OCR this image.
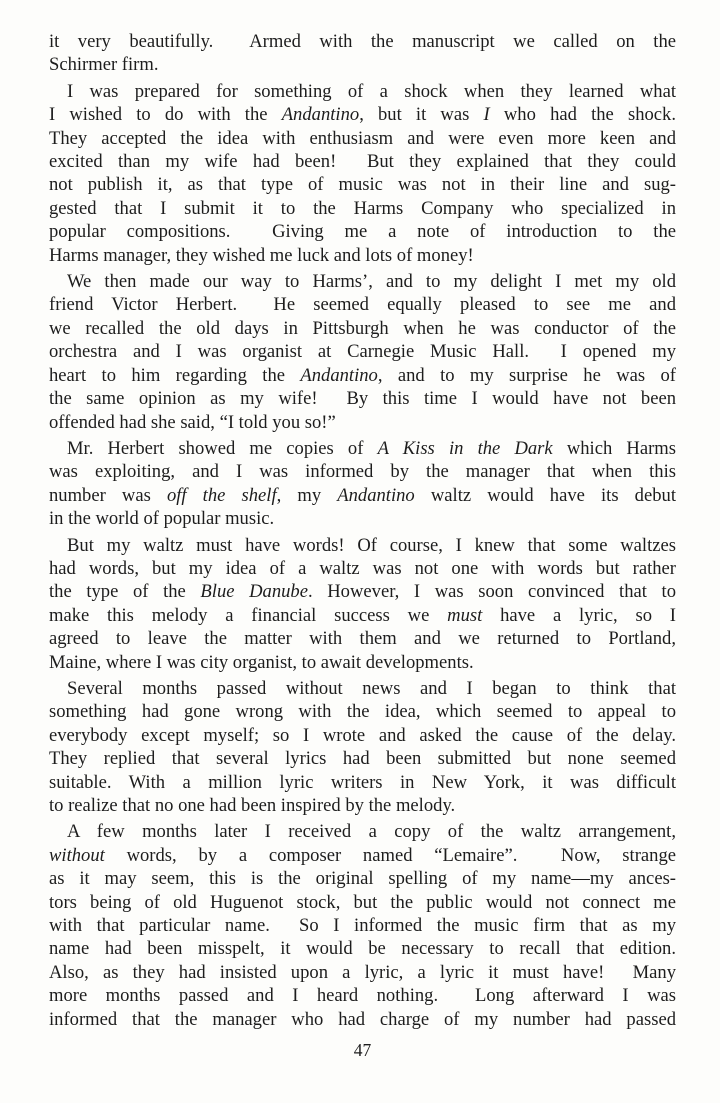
it very beautifully.  Armed with the manuscript we called on the
Schirmer firm.
I was prepared for something of a shock when they learned what
I wished to do with the Andantino, but it was I who had the shock.
They accepted the idea with enthusiasm and were even more keen and
excited than my wife had been!  But they explained that they could
not publish it, as that type of music was not in their line and sug-
gested that I submit it to the Harms Company who specialized in
popular compositions.  Giving me a note of introduction to the
Harms manager, they wished me luck and lots of money!
We then made our way to Harms’, and to my delight I met my old
friend Victor Herbert.  He seemed equally pleased to see me and
we recalled the old days in Pittsburgh when he was conductor of the
orchestra and I was organist at Carnegie Music Hall.  I opened my
heart to him regarding the Andantino, and to my surprise he was of
the same opinion as my wife!  By this time I would have not been
offended had she said, “I told you so!”
Mr. Herbert showed me copies of A Kiss in the Dark which Harms
was exploiting, and I was informed by the manager that when this
number was off the shelf, my Andantino waltz would have its debut
in the world of popular music.
But my waltz must have words! Of course, I knew that some waltzes
had words, but my idea of a waltz was not one with words but rather
the type of the Blue Danube. However, I was soon convinced that to
make this melody a financial success we must have a lyric, so I
agreed to leave the matter with them and we returned to Portland,
Maine, where I was city organist, to await developments.
Several months passed without news and I began to think that
something had gone wrong with the idea, which seemed to appeal to
everybody except myself; so I wrote and asked the cause of the delay.
They replied that several lyrics had been submitted but none seemed
suitable. With a million lyric writers in New York, it was difficult
to realize that no one had been inspired by the melody.
A few months later I received a copy of the waltz arrangement,
without words, by a composer named “Lemaire”.  Now, strange
as it may seem, this is the original spelling of my name—my ances-
tors being of old Huguenot stock, but the public would not connect me
with that particular name.  So I informed the music firm that as my
name had been misspelt, it would be necessary to recall that edition.
Also, as they had insisted upon a lyric, a lyric it must have!  Many
more months passed and I heard nothing.  Long afterward I was
informed that the manager who had charge of my number had passed
47
